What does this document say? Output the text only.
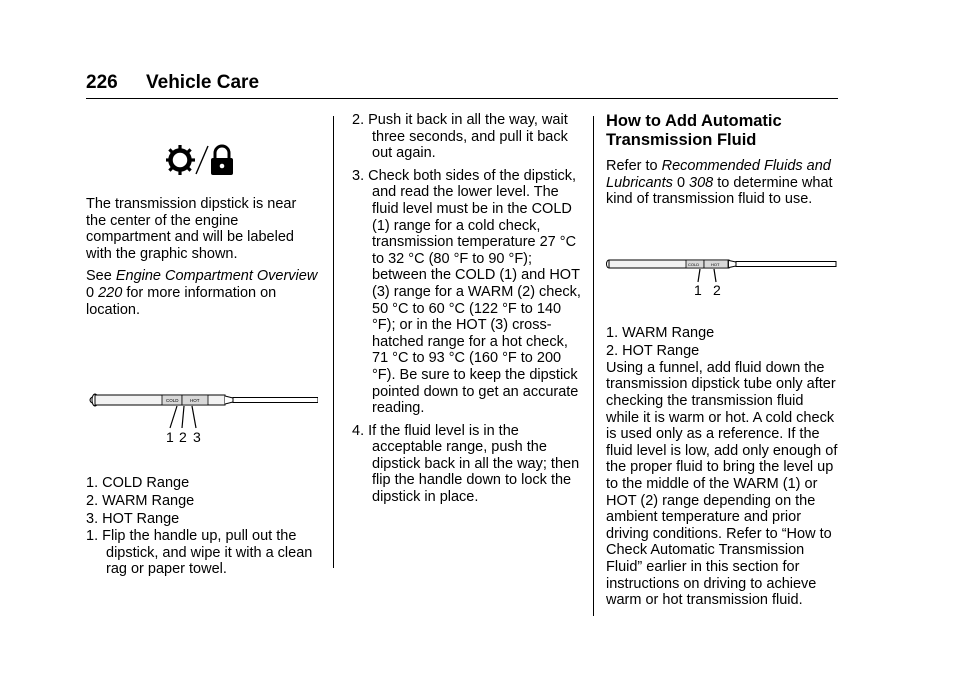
226 Vehicle Care

The transmission dipstick is near the center of the engine compartment and will be labeled with the graphic shown.

See Engine Compartment Overview
0 220 for more information on location.

COLD	HOT
1 2 3
1. COLD Range
2. WARM Range
3. HOT Range
1. Flip the handle up, pull out the dipstick, and wipe it with a clean rag or paper towel.
2. Push it back in all the way, wait three seconds, and pull it back out again.
3. Check both sides of the dipstick, and read the lower level. The fluid level must be in the COLD (1) range for a cold check, transmission temperature 27 °C to 32 °C (80 °F to 90 °F); between the COLD (1) and HOT (3) range for a WARM (2) check, 50 °C to 60 °C (122 °F to 140 °F); or in the HOT (3) cross-hatched range for a hot check, 71 °C to 93 °C (160 °F to 200 °F). Be sure to keep the dipstick pointed down to get an accurate reading.
4. If the fluid level is in the acceptable range, push the dipstick back in all the way; then flip the handle down to lock the dipstick in place.
How to Add Automatic Transmission Fluid

Refer to Recommended Fluids and Lubricants 0 308 to determine what kind of transmission fluid to use.

COLD	HOT
1 2
1. WARM Range
2. HOT Range

Using a funnel, add fluid down the transmission dipstick tube only after checking the transmission fluid while it is warm or hot. A cold check is used only as a reference. If the fluid level is low, add only enough of the proper fluid to bring the level up to the middle of the WARM (1) or HOT (2) range depending on the ambient temperature and prior driving conditions. Refer to “How to Check Automatic Transmission Fluid” earlier in this section for instructions on driving to achieve warm or hot transmission fluid.
